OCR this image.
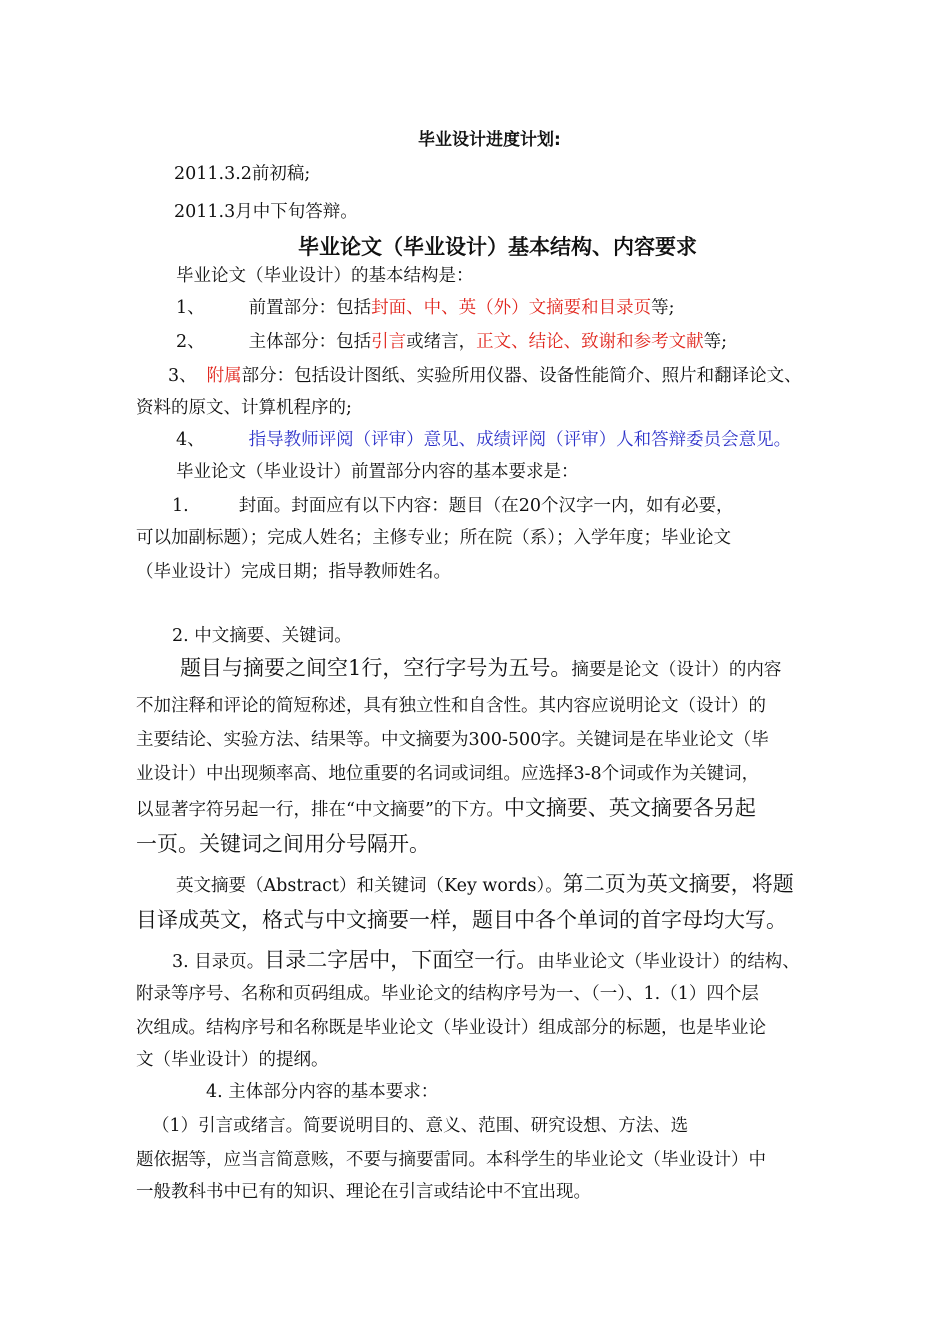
毕业设计进度计划:
2011.3.2前初稿;
2011.3月中下旬答辩。
毕业论文（毕业设计）基本结构、内容要求
毕业论文（毕业设计）的基本结构是：
1、	前置部分：包括封面、中、英（外）文摘要和目录页等;
2、	主体部分：包括引言或绪言，正文、结论、致谢和参考文献等;
3、 附属部分：包括设计图纸、实验所用仪器、设备性能简介、照片和翻译论文、
资料的原文、计算机程序的;
4、	指导教师评阅（评审）意见、成绩评阅（评审）人和答辩委员会意见。
毕业论文（毕业设计）前置部分内容的基本要求是：
1.	封面。封面应有以下内容：题目（在20个汉字一内，如有必要，
可以加副标题）；完成人姓名；主修专业；所在院（系）；入学年度；毕业论文
（毕业设计）完成日期；指导教师姓名。
2. 中文摘要、关键词。
题目与摘要之间空1行，空行字号为五号。摘要是论文（设计）的内容
不加注释和评论的简短称述，具有独立性和自含性。其内容应说明论文（设计）的
主要结论、实验方法、结果等。中文摘要为300-500字。关键词是在毕业论文（毕
业设计）中出现频率高、地位重要的名词或词组。应选择3-8个词或作为关键词，
以显著字符另起一行，排在“中文摘要”的下方。中文摘要、英文摘要各另起
一页。关键词之间用分号隔开。
英文摘要（Abstract）和关键词（Key words）。第二页为英文摘要，将题
目译成英文，格式与中文摘要一样，题目中各个单词的首字母均大写。
3. 目录页。目录二字居中，下面空一行。由毕业论文（毕业设计）的结构、
附录等序号、名称和页码组成。毕业论文的结构序号为一、（一）、1.（1）四个层
次组成。结构序号和名称既是毕业论文（毕业设计）组成部分的标题，也是毕业论
文（毕业设计）的提纲。
4. 主体部分内容的基本要求：
（1）引言或绪言。简要说明目的、意义、范围、研究设想、方法、选
题依据等，应当言简意赅，不要与摘要雷同。本科学生的毕业论文（毕业设计）中
一般教科书中已有的知识、理论在引言或结论中不宜出现。
